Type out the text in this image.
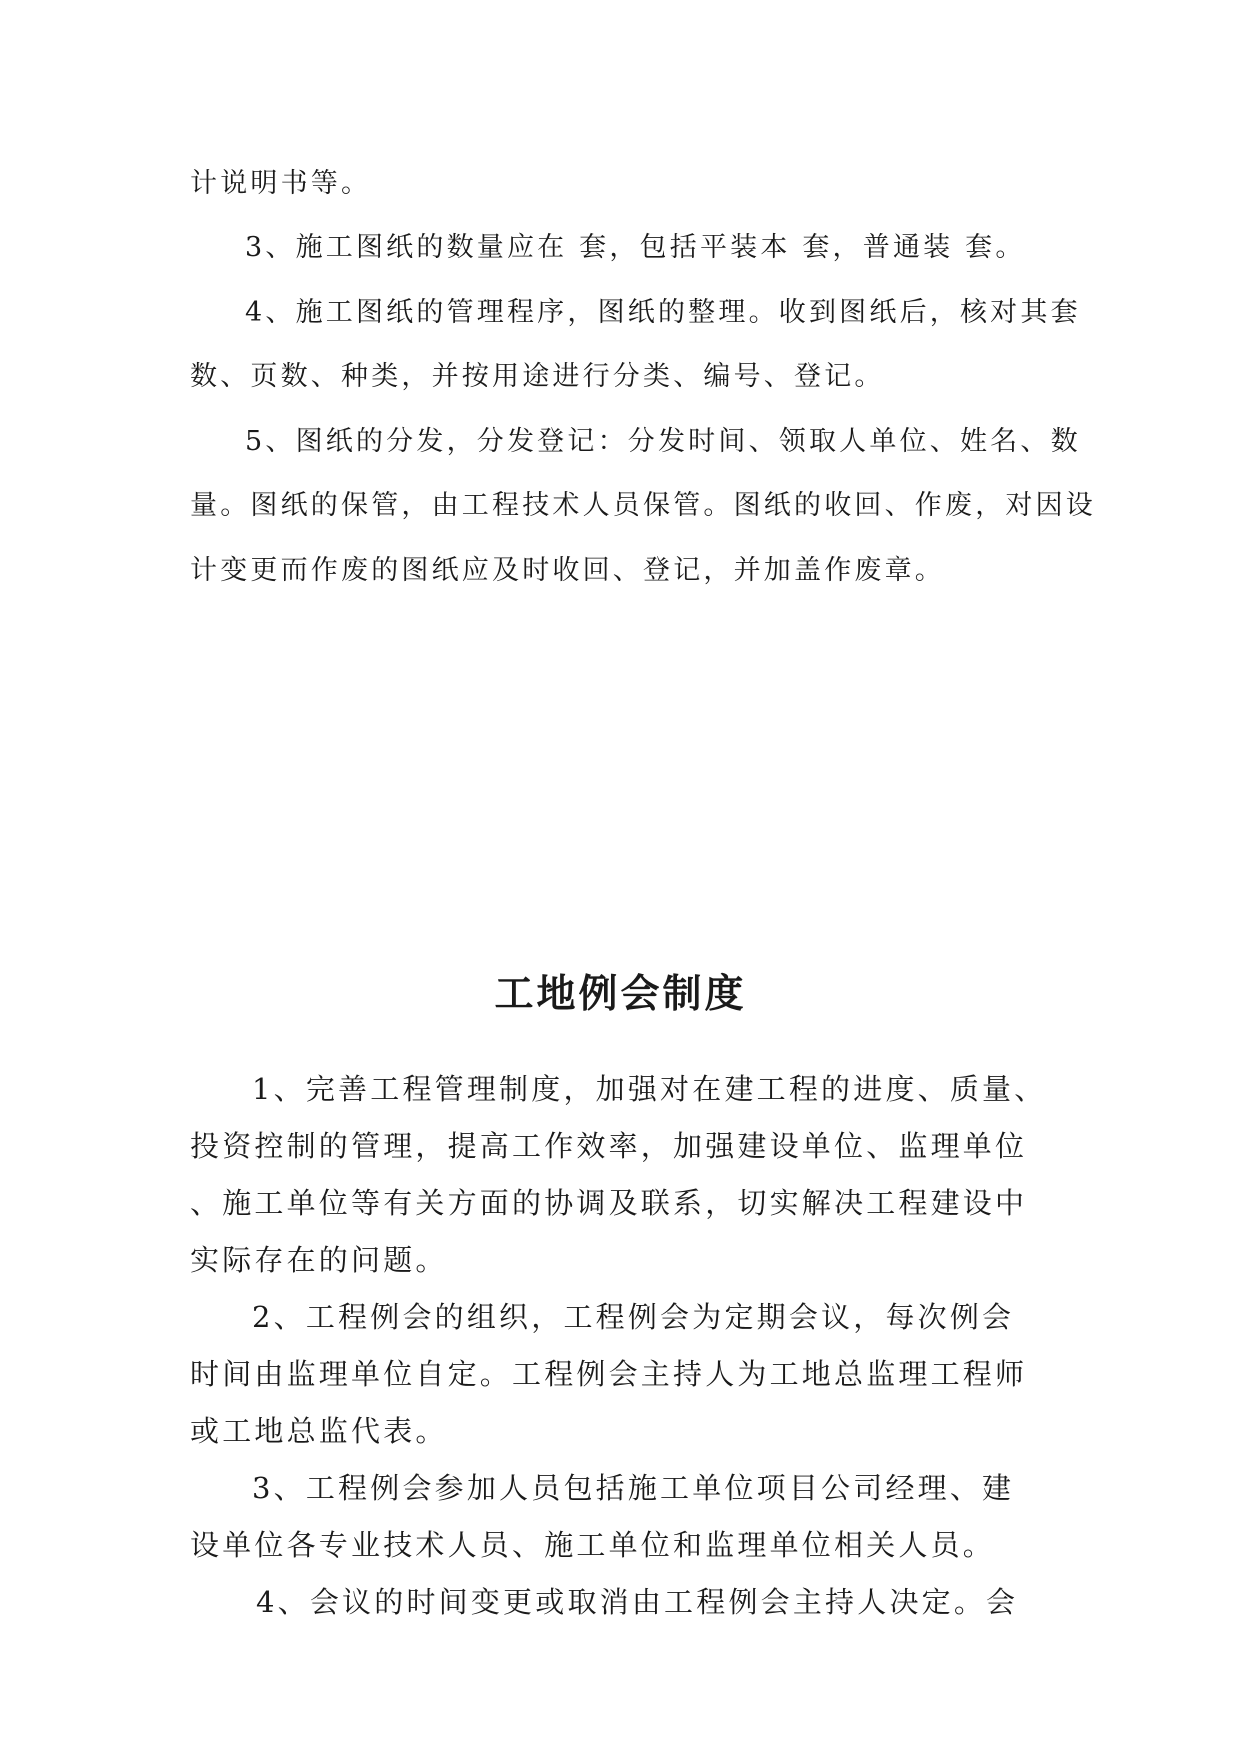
计说明书等。
3、施工图纸的数量应在 套，包括平装本 套，普通装 套。
4、施工图纸的管理程序，图纸的整理。收到图纸后，核对其套
数、页数、种类，并按用途进行分类、编号、登记。
5、图纸的分发，分发登记：分发时间、领取人单位、姓名、数
量。图纸的保管，由工程技术人员保管。图纸的收回、作废，对因设
计变更而作废的图纸应及时收回、登记，并加盖作废章。
工地例会制度
1、完善工程管理制度，加强对在建工程的进度、质量、
投资控制的管理，提高工作效率，加强建设单位、监理单位
、施工单位等有关方面的协调及联系，切实解决工程建设中
实际存在的问题。
2、工程例会的组织，工程例会为定期会议，每次例会
时间由监理单位自定。工程例会主持人为工地总监理工程师
或工地总监代表。
3、工程例会参加人员包括施工单位项目公司经理、建
设单位各专业技术人员、施工单位和监理单位相关人员。
4、会议的时间变更或取消由工程例会主持人决定。会
